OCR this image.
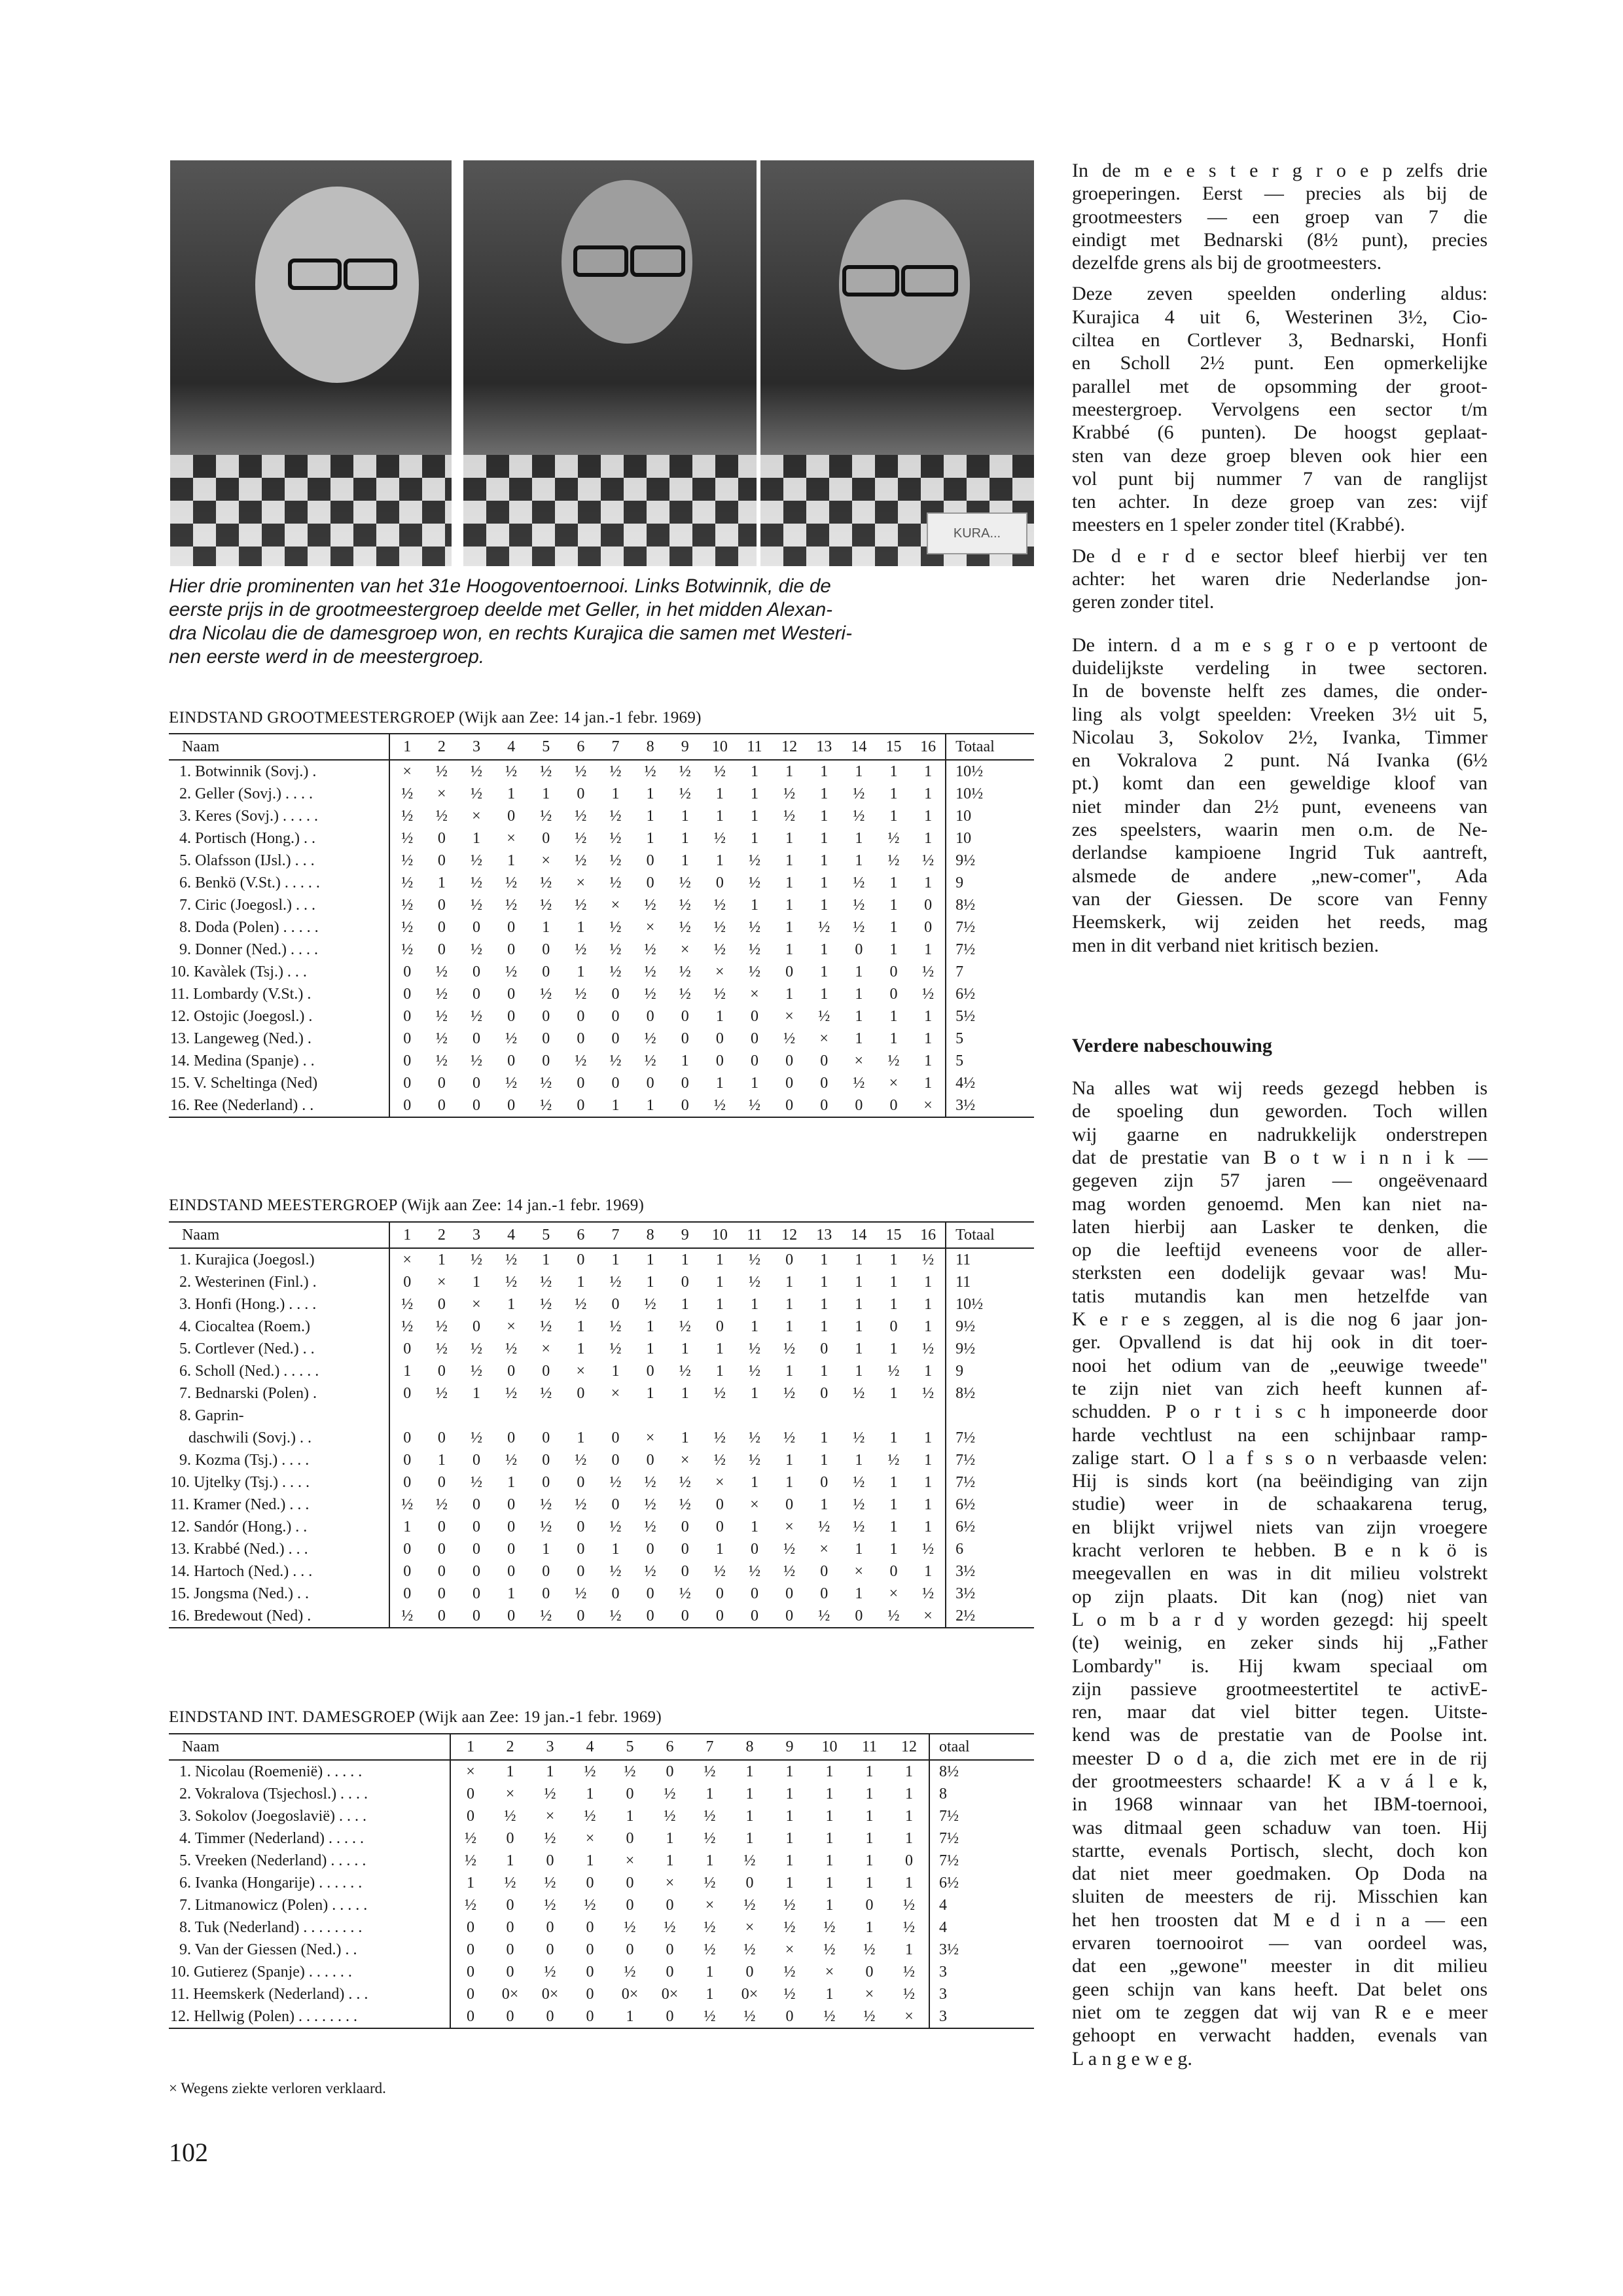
KURA...
Hier drie prominenten van het 31e Hoogoventoernooi. Links Botwinnik, die de
eerste prijs in de grootmeestergroep deelde met Geller, in het midden Alexan-
dra Nicolau die de damesgroep won, en rechts Kurajica die samen met Westeri-
nen eerste werd in de meestergroep.
EINDSTAND GROOTMEESTERGROEP (Wijk aan Zee: 14 jan.-1 febr. 1969)
Naam	1	2	3	4	5	6	7	8	9	10	11	12	13	14	15	16	Totaal
1. Botwinnik (Sovj.) .	×	½	½	½	½	½	½	½	½	½	1	1	1	1	1	1	10½
2. Geller (Sovj.) . . . .	½	×	½	1	1	0	1	1	½	1	1	½	1	½	1	1	10½
3. Keres (Sovj.) . . . . .	½	½	×	0	½	½	½	1	1	1	1	½	1	½	1	1	10
4. Portisch (Hong.) . .	½	0	1	×	0	½	½	1	1	½	1	1	1	1	½	1	10
5. Olafsson (IJsl.) . . .	½	0	½	1	×	½	½	0	1	1	½	1	1	1	½	½	9½
6. Benkö (V.St.) . . . . .	½	1	½	½	½	×	½	0	½	0	½	1	1	½	1	1	9
7. Ciric (Joegosl.) . . .	½	0	½	½	½	½	×	½	½	½	1	1	1	½	1	0	8½
8. Doda (Polen) . . . . .	½	0	0	0	1	1	½	×	½	½	½	1	½	½	1	0	7½
9. Donner (Ned.) . . . .	½	0	½	0	0	½	½	½	×	½	½	1	1	0	1	1	7½
10. Kavàlek (Tsj.) . . .	0	½	0	½	0	1	½	½	½	×	½	0	1	1	0	½	7
11. Lombardy (V.St.) .	0	½	0	0	½	½	0	½	½	½	×	1	1	1	0	½	6½
12. Ostojic (Joegosl.) .	0	½	½	0	0	0	0	0	0	1	0	×	½	1	1	1	5½
13. Langeweg (Ned.) .	0	½	0	½	0	0	0	½	0	0	0	½	×	1	1	1	5
14. Medina (Spanje) . .	0	½	½	0	0	½	½	½	1	0	0	0	0	×	½	1	5
15. V. Scheltinga (Ned)	0	0	0	½	½	0	0	0	0	1	1	0	0	½	×	1	4½
16. Ree (Nederland) . .	0	0	0	0	½	0	1	1	0	½	½	0	0	0	0	×	3½
EINDSTAND MEESTERGROEP (Wijk aan Zee: 14 jan.-1 febr. 1969)
Naam	1	2	3	4	5	6	7	8	9	10	11	12	13	14	15	16	Totaal
1. Kurajica (Joegosl.)	×	1	½	½	1	0	1	1	1	1	½	0	1	1	1	½	11
2. Westerinen (Finl.) .	0	×	1	½	½	1	½	1	0	1	½	1	1	1	1	1	11
3. Honfi (Hong.) . . . .	½	0	×	1	½	½	0	½	1	1	1	1	1	1	1	1	10½
4. Ciocaltea (Roem.)	½	½	0	×	½	1	½	1	½	0	1	1	1	1	0	1	9½
5. Cortlever (Ned.) . .	0	½	½	½	×	1	½	1	1	1	½	½	0	1	1	½	9½
6. Scholl (Ned.) . . . . .	1	0	½	0	0	×	1	0	½	1	½	1	1	1	½	1	9
7. Bednarski (Polen) .	0	½	1	½	½	0	×	1	1	½	1	½	0	½	1	½	8½
8. Gaprin-																	
daschwili (Sovj.) . .	0	0	½	0	0	1	0	×	1	½	½	½	1	½	1	1	7½
9. Kozma (Tsj.) . . . .	0	1	0	½	0	½	0	0	×	½	½	1	1	1	½	1	7½
10. Ujtelky (Tsj.) . . . .	0	0	½	1	0	0	½	½	½	×	1	1	0	½	1	1	7½
11. Kramer (Ned.) . . .	½	½	0	0	½	½	0	½	½	0	×	0	1	½	1	1	6½
12. Sandór (Hong.) . .	1	0	0	0	½	0	½	½	0	0	1	×	½	½	1	1	6½
13. Krabbé (Ned.) . . .	0	0	0	0	1	0	1	0	0	1	0	½	×	1	1	½	6
14. Hartoch (Ned.) . . .	0	0	0	0	0	0	½	½	0	½	½	½	0	×	0	1	3½
15. Jongsma (Ned.) . .	0	0	0	1	0	½	0	0	½	0	0	0	0	1	×	½	3½
16. Bredewout (Ned) .	½	0	0	0	½	0	½	0	0	0	0	0	½	0	½	×	2½
EINDSTAND INT. DAMESGROEP (Wijk aan Zee: 19 jan.-1 febr. 1969)
Naam	1	2	3	4	5	6	7	8	9	10	11	12	otaal
1. Nicolau (Roemenië) . . . . .	×	1	1	½	½	0	½	1	1	1	1	1	8½
2. Vokralova (Tsjechosl.) . . . .	0	×	½	1	0	½	1	1	1	1	1	1	8
3. Sokolov (Joegoslavië) . . . .	0	½	×	½	1	½	½	1	1	1	1	1	7½
4. Timmer (Nederland) . . . . .	½	0	½	×	0	1	½	1	1	1	1	1	7½
5. Vreeken (Nederland) . . . . .	½	1	0	1	×	1	1	½	1	1	1	0	7½
6. Ivanka (Hongarije) . . . . . .	1	½	½	0	0	×	½	0	1	1	1	1	6½
7. Litmanowicz (Polen) . . . . .	½	0	½	½	0	0	×	½	½	1	0	½	4
8. Tuk (Nederland) . . . . . . . .	0	0	0	0	½	½	½	×	½	½	1	½	4
9. Van der Giessen (Ned.) . .	0	0	0	0	0	0	½	½	×	½	½	1	3½
10. Gutierez (Spanje) . . . . . .	0	0	½	0	½	0	1	0	½	×	0	½	3
11. Heemskerk (Nederland) . . .	0	0×	0×	0	0×	0×	1	0×	½	1	×	½	3
12. Hellwig (Polen) . . . . . . . .	0	0	0	0	1	0	½	½	0	½	½	×	3
× Wegens ziekte verloren verklaard.
102
In de m e e s t e r g r o e p zelfs drie
groeperingen. Eerst — precies als bij de
grootmeesters — een groep van 7 die
eindigt met Bednarski (8½ punt), precies
dezelfde grens als bij de grootmeesters.
Deze zeven speelden onderling aldus:
Kurajica 4 uit 6, Westerinen 3½, Cio-
ciltea en Cortlever 3, Bednarski, Honfi
en Scholl 2½ punt. Een opmerkelijke
parallel met de opsomming der groot-
meestergroep. Vervolgens een sector t/m
Krabbé (6 punten). De hoogst geplaat-
sten van deze groep bleven ook hier een
vol punt bij nummer 7 van de ranglijst
ten achter. In deze groep van zes: vijf
meesters en 1 speler zonder titel (Krabbé).
De d e r d e sector bleef hierbij ver ten
achter: het waren drie Nederlandse jon-
geren zonder titel.
De intern. d a m e s g r o e p vertoont de
duidelijkste verdeling in twee sectoren.
In de bovenste helft zes dames, die onder-
ling als volgt speelden: Vreeken 3½ uit 5,
Nicolau 3, Sokolov 2½, Ivanka, Timmer
en Vokralova 2 punt. Ná Ivanka (6½
pt.) komt dan een geweldige kloof van
niet minder dan 2½ punt, eveneens van
zes speelsters, waarin men o.m. de Ne-
derlandse kampioene Ingrid Tuk aantreft,
alsmede de andere „new-comer", Ada
van der Giessen. De score van Fenny
Heemskerk, wij zeiden het reeds, mag
men in dit verband niet kritisch bezien.
Verdere nabeschouwing
Na alles wat wij reeds gezegd hebben is
de spoeling dun geworden. Toch willen
wij gaarne en nadrukkelijk onderstrepen
dat de prestatie van B o t w i n n i k —
gegeven zijn 57 jaren — ongeëvenaard
mag worden genoemd. Men kan niet na-
laten hierbij aan Lasker te denken, die
op die leeftijd eveneens voor de aller-
sterksten een dodelijk gevaar was! Mu-
tatis mutandis kan men hetzelfde van
K e r e s zeggen, al is die nog 6 jaar jon-
ger. Opvallend is dat hij ook in dit toer-
nooi het odium van de „eeuwige tweede"
te zijn niet van zich heeft kunnen af-
schudden. P o r t i s c h imponeerde door
harde vechtlust na een schijnbaar ramp-
zalige start. O l a f s s o n verbaasde velen:
Hij is sinds kort (na beëindiging van zijn
studie) weer in de schaakarena terug,
en blijkt vrijwel niets van zijn vroegere
kracht verloren te hebben. B e n k ö is
meegevallen en was in dit milieu volstrekt
op zijn plaats. Dit kan (nog) niet van
L o m b a r d y worden gezegd: hij speelt
(te) weinig, en zeker sinds hij „Father
Lombardy" is. Hij kwam speciaal om
zijn passieve grootmeestertitel te activE-
ren, maar dat viel bitter tegen. Uitste-
kend was de prestatie van de Poolse int.
meester D o d a, die zich met ere in de rij
der grootmeesters schaarde! K a v á l e k,
in 1968 winnaar van het IBM-toernooi,
was ditmaal geen schaduw van toen. Hij
startte, evenals Portisch, slecht, doch kon
dat niet meer goedmaken. Op Doda na
sluiten de meesters de rij. Misschien kan
het hen troosten dat M e d i n a — een
ervaren toernooirot — van oordeel was,
dat een „gewone" meester in dit milieu
geen schijn van kans heeft. Dat belet ons
niet om te zeggen dat wij van R e e meer
gehoopt en verwacht hadden, evenals van
L a n g e w e g.
